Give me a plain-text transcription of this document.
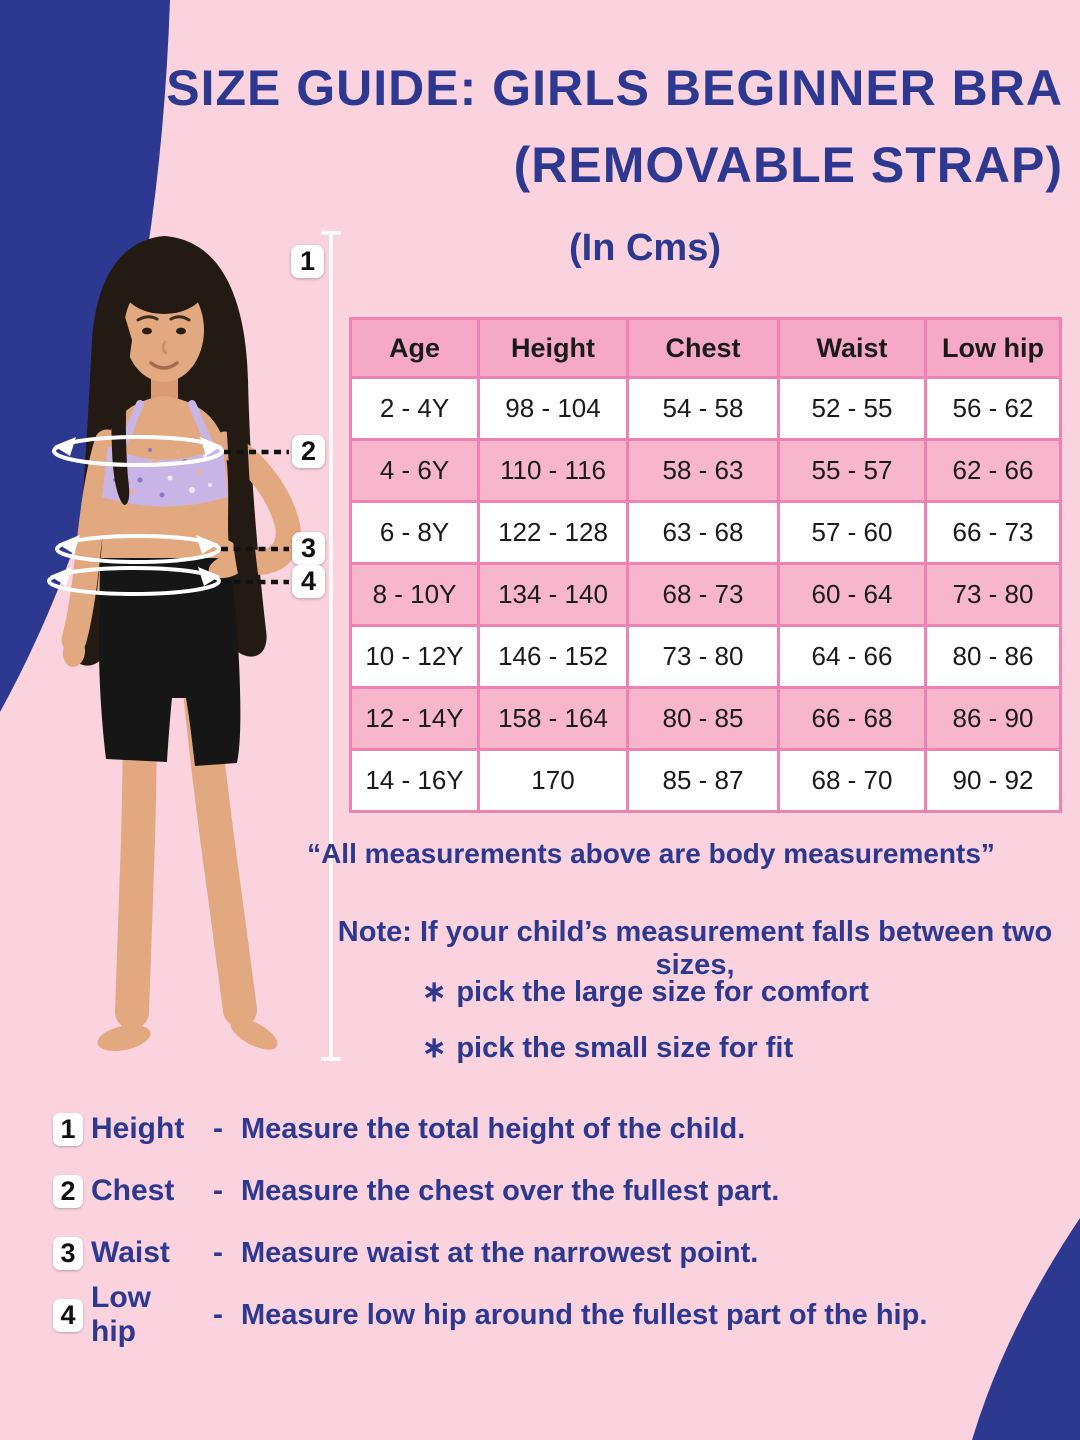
SIZE GUIDE: GIRLS BEGINNER BRA
(REMOVABLE STRAP)
(In Cms)
1
2
3
4
Age	Height	Chest	Waist	Low hip
2 - 4Y	98 - 104	54 - 58	52 - 55	56 - 62
4 - 6Y	110 - 116	58 - 63	55 - 57	62 - 66
6 - 8Y	122 - 128	63 - 68	57 - 60	66 - 73
8 - 10Y	134 - 140	68 - 73	60 - 64	73 - 80
10 - 12Y	146 - 152	73 - 80	64 - 66	80 - 86
12 - 14Y	158 - 164	80 - 85	66 - 68	86 - 90
14 - 16Y	170	85 - 87	68 - 70	90 - 92
“All measurements above are body measurements”
Note: If your child’s measurement falls between two sizes,
∗ pick the large size for comfort
∗ pick the small size for fit
1 Height - Measure the total height of the child.
2 Chest	- Measure the chest over the fullest part.
3 Waist	- Measure waist at the narrowest point.
4
Low hip
- Measure low hip around the fullest part of the hip.
